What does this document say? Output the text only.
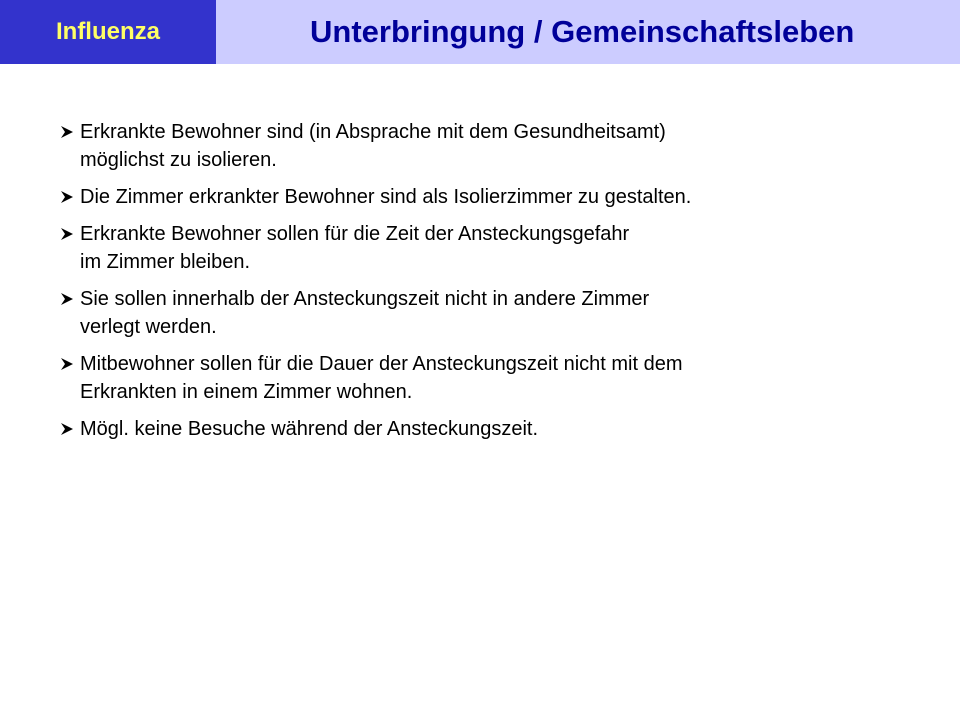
Influenza	Unterbringung / Gemeinschaftsleben
Erkrankte Bewohner sind (in Absprache mit dem Gesundheitsamt)
möglichst zu isolieren.
Die Zimmer erkrankter Bewohner sind als Isolierzimmer zu gestalten.
Erkrankte Bewohner sollen für die Zeit der Ansteckungsgefahr
im Zimmer bleiben.
Sie sollen innerhalb der Ansteckungszeit nicht in andere Zimmer
verlegt werden.
Mitbewohner sollen für die Dauer der Ansteckungszeit nicht mit dem
Erkrankten in einem Zimmer wohnen.
Mögl. keine Besuche während der Ansteckungszeit.
